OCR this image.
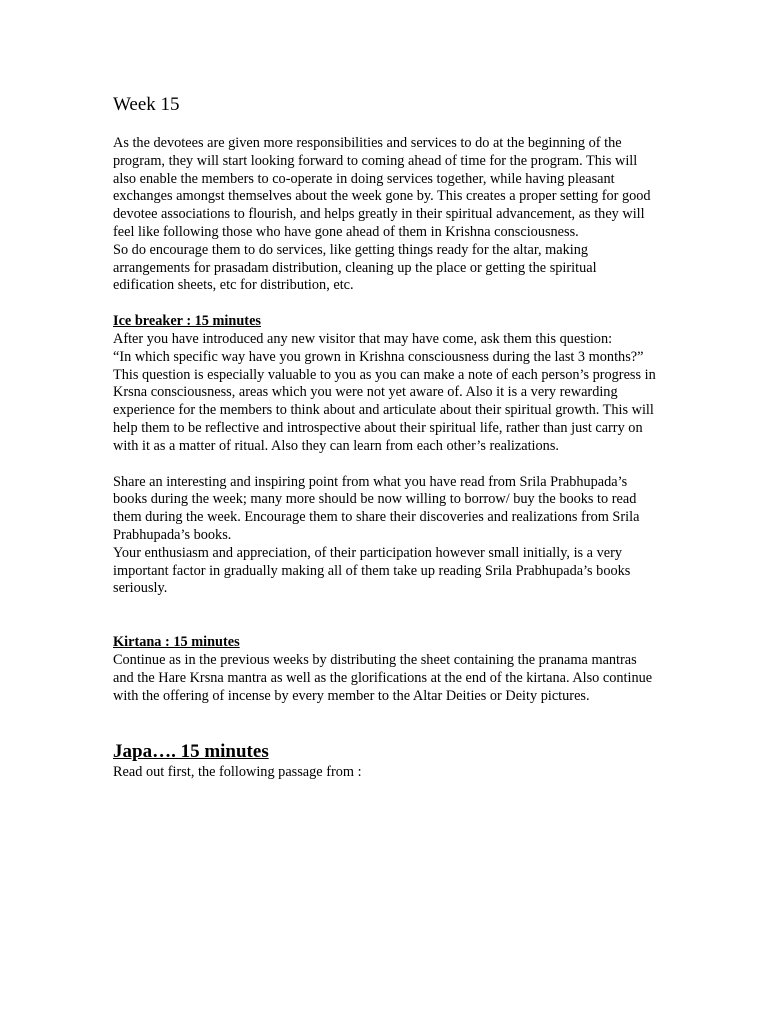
Week 15

As the devotees are given more responsibilities and services to do at the beginning of the program, they will start looking forward to coming ahead of time for the program. This will also enable the members to co-operate in doing services together, while having pleasant exchanges amongst themselves about the week gone by. This creates a proper setting for good devotee associations to flourish, and helps greatly in their spiritual advancement, as they will feel like following those who have gone ahead of them in Krishna consciousness.

So do encourage them to do services, like getting things ready for the altar, making arrangements for prasadam distribution, cleaning up the place or getting the spiritual edification sheets, etc for distribution, etc.

Ice breaker : 15 minutes

After you have introduced any new visitor that may have come, ask them this question:

“In which specific way have you grown in Krishna consciousness during the last 3 months?”

This question is especially valuable to you as you can make a note of each person’s progress in Krsna consciousness, areas which you were not yet aware of. Also it is a very rewarding experience for the members to think about and articulate about their spiritual growth. This will help them to be reflective and introspective about their spiritual life, rather than just carry on with it as a matter of ritual. Also they can learn from each other’s realizations.

Share an interesting and inspiring point from what you have read from Srila Prabhupada’s books during the week; many more should be now willing to borrow/ buy the books to read them during the week. Encourage them to share their discoveries and realizations from Srila Prabhupada’s books.

Your enthusiasm and appreciation, of their participation however small initially, is a very important factor in gradually making all of them take up reading Srila Prabhupada’s books seriously.

Kirtana : 15 minutes

Continue as in the previous weeks by distributing the sheet containing the pranama mantras and the Hare Krsna mantra as well as the glorifications at the end of the kirtana. Also continue with the offering of incense by every member to the Altar Deities or Deity pictures.

Japa…. 15 minutes

Read out first, the following passage from :
